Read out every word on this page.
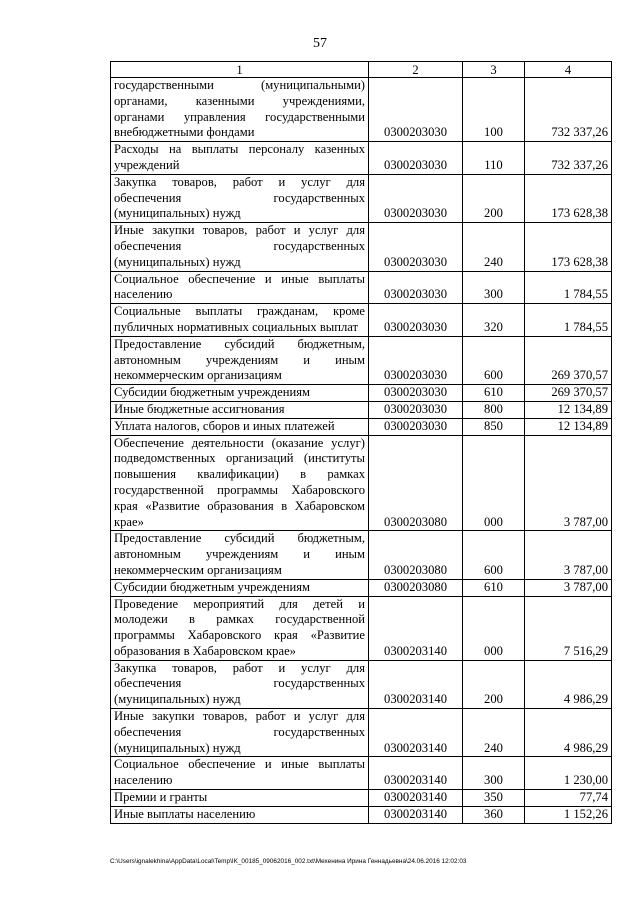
57
1	2	3	4
государственными (муниципальными) органами, казенными учреждениями, органами управления государственными внебюджетными фондами	0300203030	100	732 337,26
Расходы на выплаты персоналу казенных учреждений	0300203030	110	732 337,26
Закупка товаров, работ и услуг для обеспечения государственных (муниципальных) нужд	0300203030	200	173 628,38
Иные закупки товаров, работ и услуг для обеспечения государственных (муниципальных) нужд	0300203030	240	173 628,38
Социальное обеспечение и иные выплаты населению	0300203030	300	1 784,55
Социальные выплаты гражданам, кроме публичных нормативных социальных выплат	0300203030	320	1 784,55
Предоставление субсидий бюджетным, автономным учреждениям и иным некоммерческим организациям	0300203030	600	269 370,57
Субсидии бюджетным учреждениям	0300203030	610	269 370,57
Иные бюджетные ассигнования	0300203030	800	12 134,89
Уплата налогов, сборов и иных платежей	0300203030	850	12 134,89
Обеспечение деятельности (оказание услуг) подведомственных организаций (институты повышения квалификации) в рамках государственной программы Хабаровского края «Развитие образования в Хабаровском крае»	0300203080	000	3 787,00
Предоставление субсидий бюджетным, автономным учреждениям и иным некоммерческим организациям	0300203080	600	3 787,00
Субсидии бюджетным учреждениям	0300203080	610	3 787,00
Проведение мероприятий для детей и молодежи в рамках государственной программы Хабаровского края «Развитие образования в Хабаровском крае»	0300203140	000	7 516,29
Закупка товаров, работ и услуг для обеспечения государственных (муниципальных) нужд	0300203140	200	4 986,29
Иные закупки товаров, работ и услуг для обеспечения государственных (муниципальных) нужд	0300203140	240	4 986,29
Социальное обеспечение и иные выплаты населению	0300203140	300	1 230,00
Премии и гранты	0300203140	350	77,74
Иные выплаты населению	0300203140	360	1 152,26
C:\Users\ignalekhina\AppData\Local\Temp\IK_00185_09062016_002.txt\Мехенина Ирина Геннадьевна\24.06.2016 12:02:03
